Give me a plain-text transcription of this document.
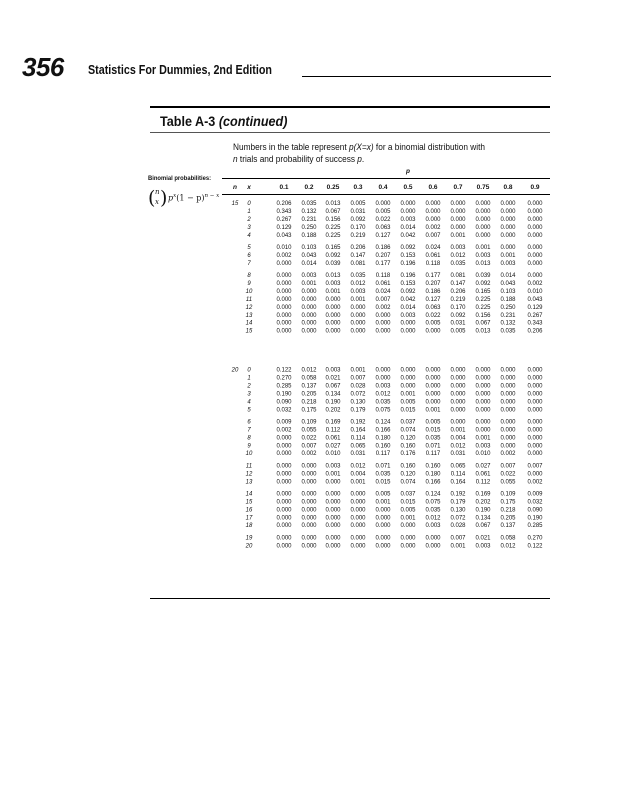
356 Statistics For Dummies, 2nd Edition
Table A-3 (continued)
Numbers in the table represent p(X=x) for a binomial distribution with n trials and probability of success p.
p
Binomial probabilities:
( n
x ) $p^x(1 - p)^{n - x}$
n x	0.1 0.2 0.25 0.3 0.4 0.5 0.6 0.7 0.75 0.8	0.9
15 0	0.206 0.035 0.013 0.005 0.000 0.000 0.000 0.000 0.000 0.000 0.000
1	0.343 0.132 0.067 0.031 0.005 0.000 0.000 0.000 0.000 0.000 0.000
2	0.267 0.231 0.156 0.092 0.022 0.003 0.000 0.000 0.000 0.000 0.000
3	0.129 0.250 0.225 0.170 0.063 0.014 0.002 0.000 0.000 0.000 0.000
4	0.043 0.188 0.225 0.219 0.127 0.042 0.007 0.001 0.000 0.000 0.000
5	0.010 0.103 0.165 0.206 0.186 0.092 0.024 0.003 0.001 0.000 0.000
6	0.002 0.043 0.092 0.147 0.207 0.153 0.061 0.012 0.003 0.001 0.000
7	0.000 0.014 0.039 0.081 0.177 0.196 0.118 0.035 0.013 0.003 0.000
8	0.000 0.003 0.013 0.035 0.118 0.196 0.177 0.081 0.039 0.014 0.000
9	0.000 0.001 0.003 0.012 0.061 0.153 0.207 0.147 0.092 0.043 0.002
10	0.000 0.000 0.001 0.003 0.024 0.092 0.186 0.206 0.165 0.103 0.010
11	0.000 0.000 0.000 0.001 0.007 0.042 0.127 0.219 0.225 0.188 0.043
12	0.000 0.000 0.000 0.000 0.002 0.014 0.063 0.170 0.225 0.250 0.129
13	0.000 0.000 0.000 0.000 0.000 0.003 0.022 0.092 0.156 0.231 0.267
14	0.000 0.000 0.000 0.000 0.000 0.000 0.005 0.031 0.067 0.132 0.343
15	0.000 0.000 0.000 0.000 0.000 0.000 0.000 0.005 0.013 0.035 0.206
20 0	0.122 0.012 0.003 0.001 0.000 0.000 0.000 0.000 0.000 0.000 0.000
1	0.270 0.058 0.021 0.007 0.000 0.000 0.000 0.000 0.000 0.000 0.000
2	0.285 0.137 0.067 0.028 0.003 0.000 0.000 0.000 0.000 0.000 0.000
3	0.190 0.205 0.134 0.072 0.012 0.001 0.000 0.000 0.000 0.000 0.000
4	0.090 0.218 0.190 0.130 0.035 0.005 0.000 0.000 0.000 0.000 0.000
5	0.032 0.175 0.202 0.179 0.075 0.015 0.001 0.000 0.000 0.000 0.000
6	0.009 0.109 0.169 0.192 0.124 0.037 0.005 0.000 0.000 0.000 0.000
7	0.002 0.055 0.112 0.164 0.166 0.074 0.015 0.001 0.000 0.000 0.000
8	0.000 0.022 0.061 0.114 0.180 0.120 0.035 0.004 0.001 0.000 0.000
9	0.000 0.007 0.027 0.065 0.160 0.160 0.071 0.012 0.003 0.000 0.000
10	0.000 0.002 0.010 0.031 0.117 0.176 0.117 0.031 0.010 0.002 0.000
11	0.000 0.000 0.003 0.012 0.071 0.160 0.160 0.065 0.027 0.007 0.007
12	0.000 0.000 0.001 0.004 0.035 0.120 0.180 0.114 0.061 0.022 0.000
13	0.000 0.000 0.000 0.001 0.015 0.074 0.166 0.164 0.112 0.055 0.002
14	0.000 0.000 0.000 0.000 0.005 0.037 0.124 0.192 0.169 0.109 0.009
15	0.000 0.000 0.000 0.000 0.001 0.015 0.075 0.179 0.202 0.175 0.032
16	0.000 0.000 0.000 0.000 0.000 0.005 0.035 0.130 0.190 0.218 0.090
17	0.000 0.000 0.000 0.000 0.000 0.001 0.012 0.072 0.134 0.205 0.190
18	0.000 0.000 0.000 0.000 0.000 0.000 0.003 0.028 0.067 0.137 0.285
19	0.000 0.000 0.000 0.000 0.000 0.000 0.000 0.007 0.021 0.058 0.270
20	0.000 0.000 0.000 0.000 0.000 0.000 0.000 0.001 0.003 0.012 0.122
